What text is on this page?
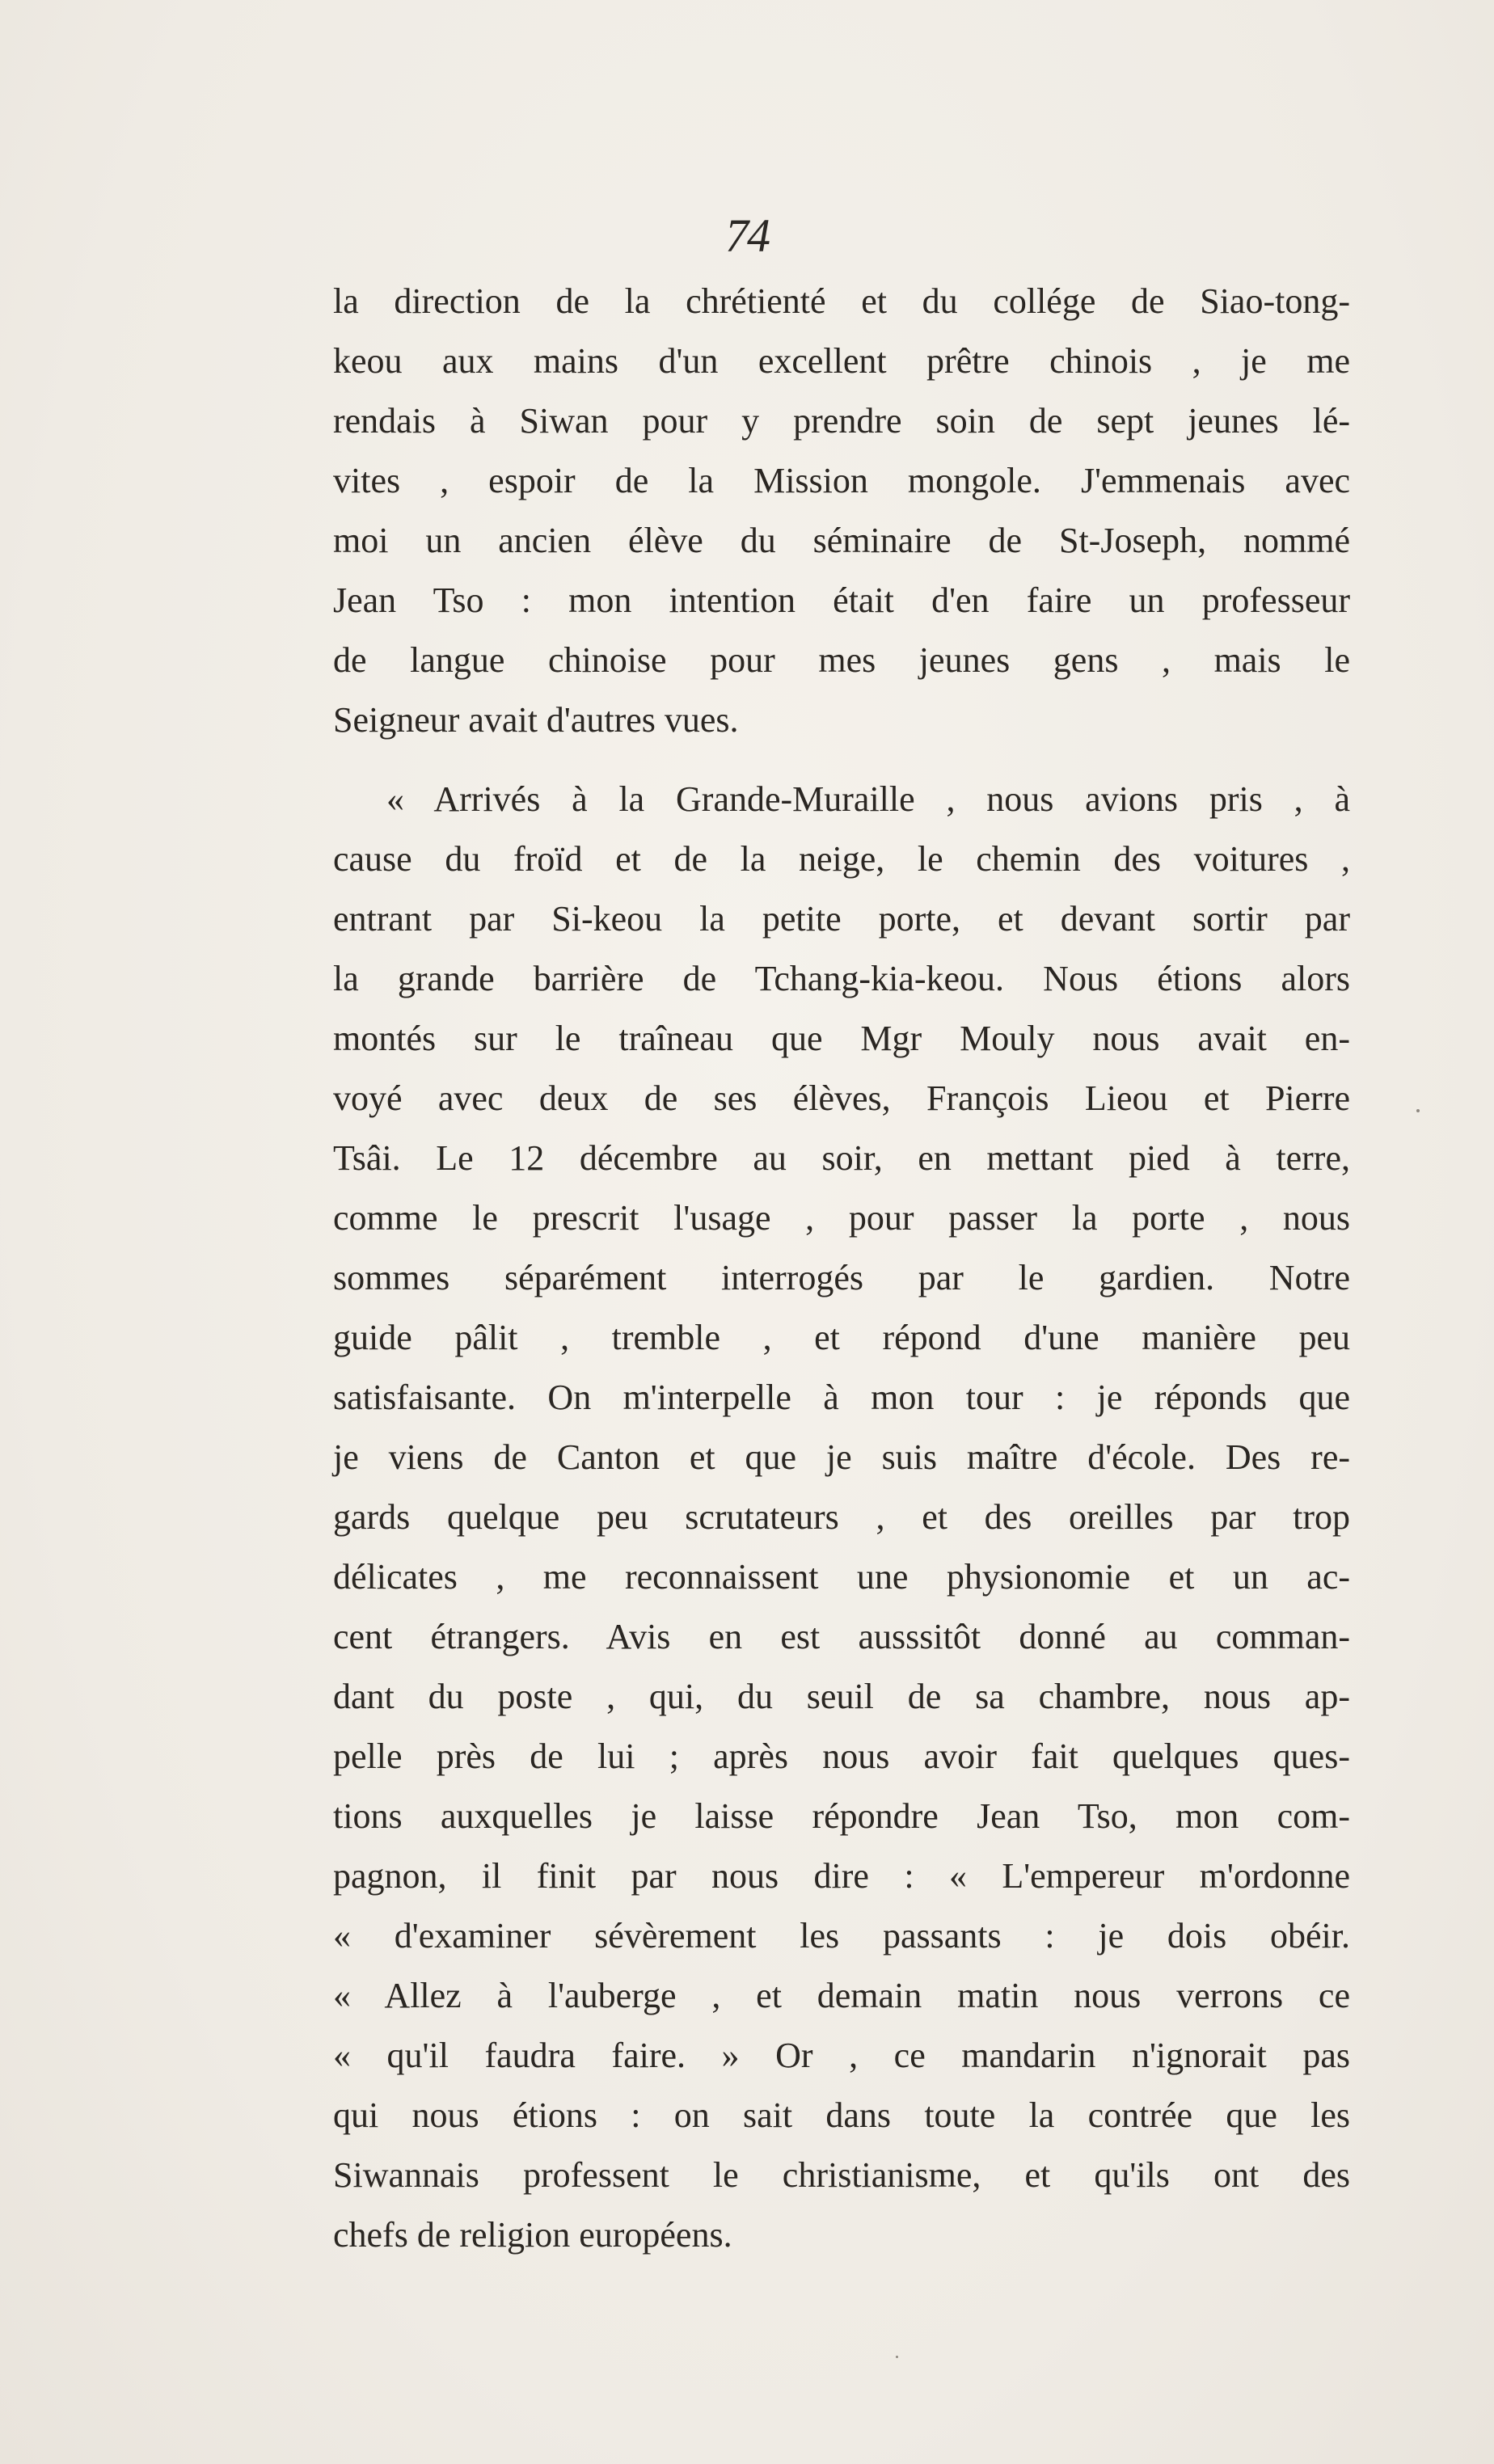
74
la direction de la chrétienté et du collége de Siao-tong-
keou aux mains d'un excellent prêtre chinois , je me
rendais à Siwan pour y prendre soin de sept jeunes lé-
vites , espoir de la Mission mongole. J'emmenais avec
moi un ancien élève du séminaire de St-Joseph, nommé
Jean Tso : mon intention était d'en faire un professeur
de langue chinoise pour mes jeunes gens , mais le
Seigneur avait d'autres vues.
« Arrivés à la Grande-Muraille , nous avions pris , à
cause du froïd et de la neige, le chemin des voitures ,
entrant par Si-keou la petite porte, et devant sortir par
la grande barrière de Tchang-kia-keou. Nous étions alors
montés sur le traîneau que Mgr Mouly nous avait en-
voyé avec deux de ses élèves, François Lieou et Pierre
Tsâi. Le 12 décembre au soir, en mettant pied à terre,
comme le prescrit l'usage , pour passer la porte , nous
sommes séparément interrogés par le gardien. Notre
guide pâlit , tremble , et répond d'une manière peu
satisfaisante. On m'interpelle à mon tour : je réponds que
je viens de Canton et que je suis maître d'école. Des re-
gards quelque peu scrutateurs , et des oreilles par trop
délicates , me reconnaissent une physionomie et un ac-
cent étrangers. Avis en est ausssitôt donné au comman-
dant du poste , qui, du seuil de sa chambre, nous ap-
pelle près de lui ; après nous avoir fait quelques ques-
tions auxquelles je laisse répondre Jean Tso, mon com-
pagnon, il finit par nous dire : « L'empereur m'ordonne
« d'examiner sévèrement les passants : je dois obéir.
« Allez à l'auberge , et demain matin nous verrons ce
« qu'il faudra faire. » Or , ce mandarin n'ignorait pas
qui nous étions : on sait dans toute la contrée que les
Siwannais professent le christianisme, et qu'ils ont des
chefs de religion européens.
